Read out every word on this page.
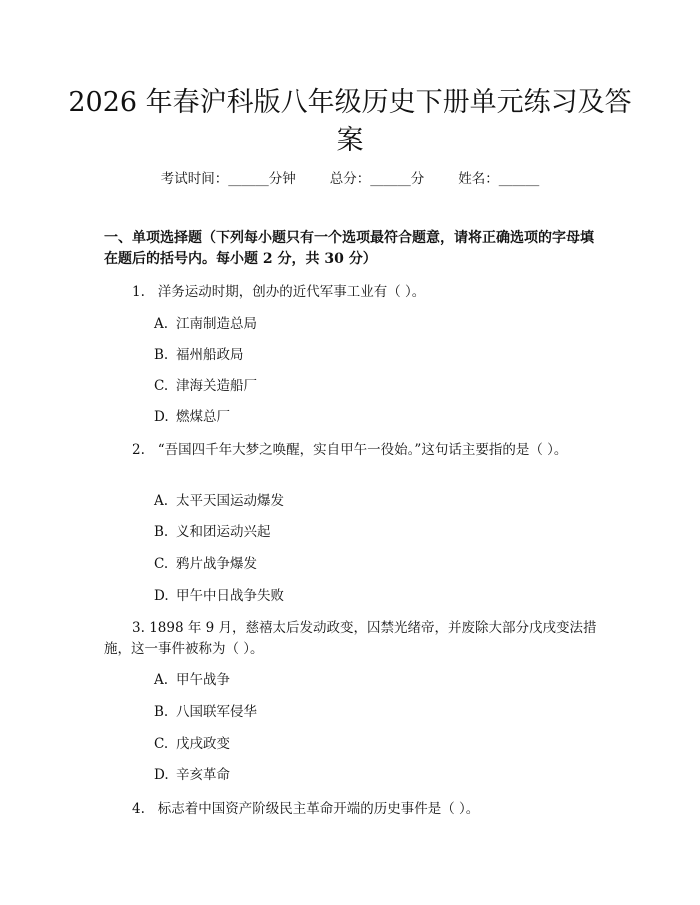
2026 年春沪科版八年级历史下册单元练习及答案
考试时间：______分钟	总分：______分	姓名：______
一、单项选择题（下列每小题只有一个选项最符合题意，请将正确选项的字母填在题后的括号内。每小题 2 分，共 30 分）
1. 洋务运动时期，创办的近代军事工业有（ ）。
A. 江南制造总局
B. 福州船政局
C. 津海关造船厂
D. 燃煤总厂
2. “吾国四千年大梦之唤醒，实自甲午一役始。”这句话主要指的是（ ）。
A. 太平天国运动爆发
B. 义和团运动兴起
C. 鸦片战争爆发
D. 甲午中日战争失败
3. 1898 年 9 月，慈禧太后发动政变，囚禁光绪帝，并废除大部分戊戌变法措施，这一事件被称为（ ）。
A. 甲午战争
B. 八国联军侵华
C. 戊戌政变
D. 辛亥革命
4. 标志着中国资产阶级民主革命开端的历史事件是（ ）。
